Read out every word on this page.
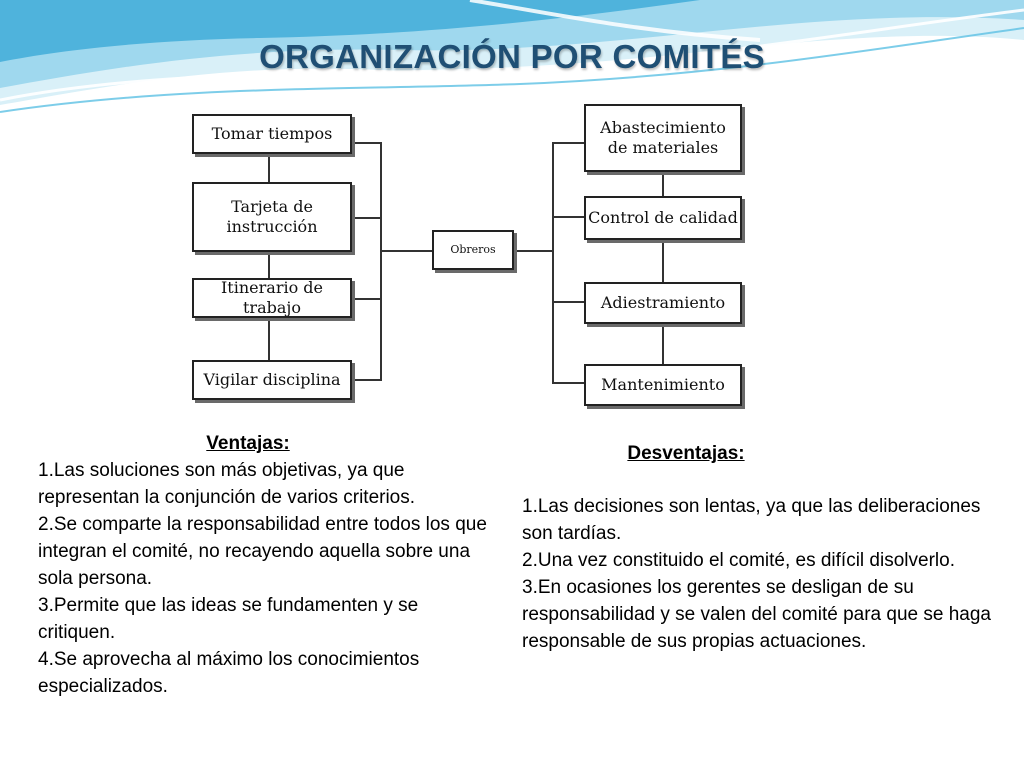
ORGANIZACIÓN POR COMITÉS
Tomar tiempos
Tarjeta de
instrucción
Itinerario de trabajo
Vigilar disciplina
Obreros
Abastecimiento
de materiales
Control de calidad
Adiestramiento
Mantenimiento

Ventajas:

1.Las soluciones son más objetivas, ya que representan la conjunción de varios criterios.

2.Se comparte la responsabilidad entre todos los que integran el comité, no recayendo aquella sobre una sola persona.

3.Permite que las ideas se fundamenten y se critiquen.

4.Se aprovecha al máximo los conocimientos especializados.

Desventajas:

1.Las decisiones son lentas, ya que las deliberaciones son tardías.

2.Una vez constituido el comité, es difícil disolverlo.

3.En ocasiones los gerentes se desligan de su responsabilidad y se valen del comité para que se haga responsable de sus propias actuaciones.
